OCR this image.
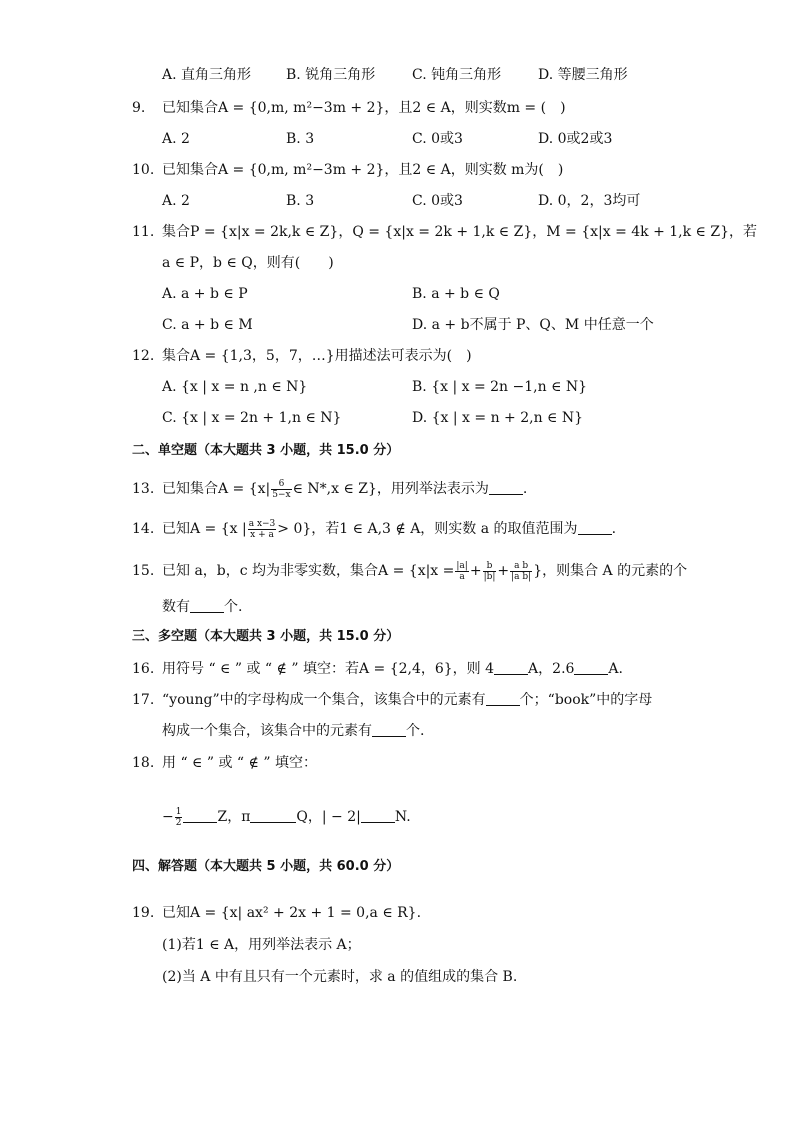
A. 直角三角形 B. 锐角三角形	C. 钝角三角形	D. 等腰三角形
9.	已知集合A = {0,m, m²−3m + 2}，且2 ∈ A，则实数m = (　)
A. 2	B. 3	C. 0或3	D. 0或2或3
10. 已知集合A = {0,m, m²−3m + 2}，且2 ∈ A，则实数 m为(　)
A. 2	B. 3	C. 0或3	D. 0，2，3均可
11. 集合P = {x|x = 2k,k ∈ Z}，Q = {x|x = 2k + 1,k ∈ Z}，M = {x|x = 4k + 1,k ∈ Z}，若
a ∈ P，b ∈ Q，则有(　　)
A. a + b ∈ P	B. a + b ∈ Q
C. a + b ∈ M	D. a + b不属于 P、Q、M 中任意一个
12. 集合A = {1,3，5，7，…}用描述法可表示为(　)
A. {x | x = n ,n ∈ N}	B. {x | x = 2n −1,n ∈ N}
C. {x | x = 2n + 1,n ∈ N}	D. {x | x = n + 2,n ∈ N}
二、单空题（本大题共 3 小题，共 15.0 分）
13. 已知集合$A = \{x| \frac{6}{5-x}$ ∈ N*,x ∈ Z}，用列举法表示为 .
14. 已知A = {x | $\frac{\text{a x−3}}{x + a} > 0$}，若1 ∈ A,3 ∉ A，则实数 a 的取值范围为 .
15. 已知 a，b，c 均为非零实数，集合$A = \{x|x = \frac{|a|}{a} + \frac{b}{|b|} + \frac{\text{a b}}{\text{|a b|}}$ }，则集合 A 的元素的个
数有 个.
三、多空题（本大题共 3 小题，共 15.0 分）
16. 用符号 “ ∈ ” 或 “ ∉ ” 填空：若A = {2,4，6}，则 4 A，2.6 A.
17. “young”中的字母构成一个集合，该集合中的元素有 个；“book”中的字母
构成一个集合，该集合中的元素有 个.
18. 用 “ ∈ ” 或 “ ∉ ” 填空：
− $\frac{1}{2}$	Z，π	Q，| − 2| N.
四、解答题（本大题共 5 小题，共 60.0 分）
19. 已知A = {x| ax² + 2x + 1 = 0,a ∈ R}.
(1)若1 ∈ A，用列举法表示 A；
(2)当 A 中有且只有一个元素时，求 a 的值组成的集合 B.
